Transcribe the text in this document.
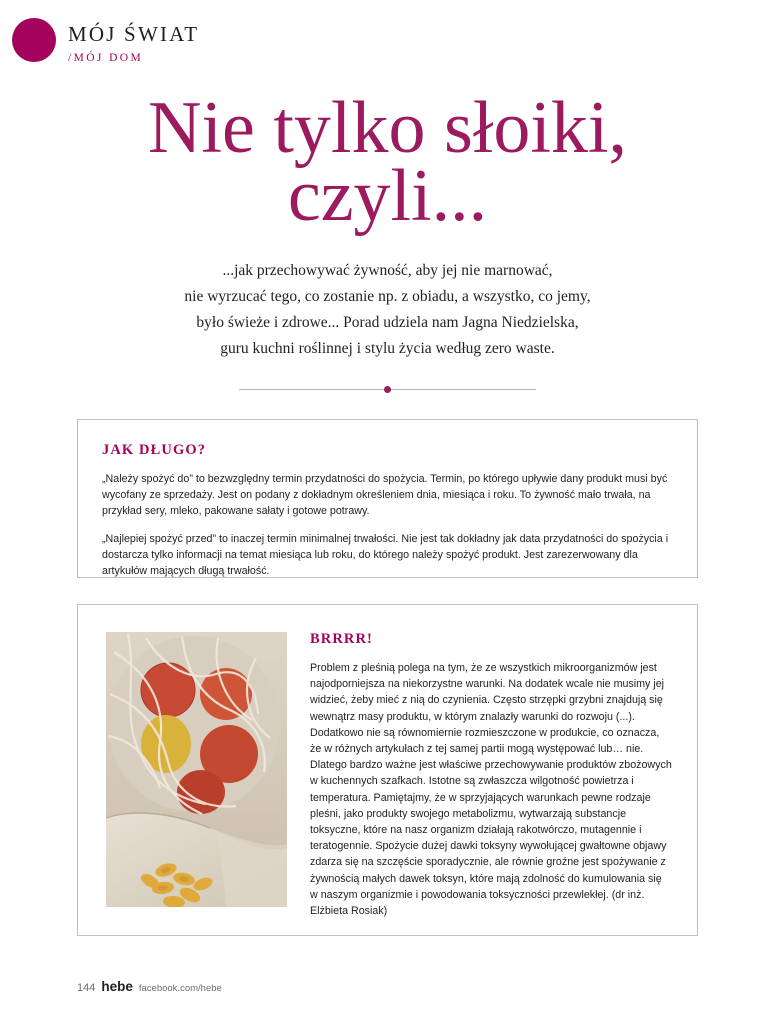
MÓJ ŚWIAT
/MÓJ DOM
Nie tylko słoiki,
czyli...
...jak przechowywać żywność, aby jej nie marnować,
nie wyrzucać tego, co zostanie np. z obiadu, a wszystko, co jemy,
było świeże i zdrowe... Porad udziela nam Jagna Niedzielska,
guru kuchni roślinnej i stylu życia według zero waste.
JAK DŁUGO?

„Należy spożyć do” to bezwzględny termin przydatności do spożycia. Termin, po którego upływie dany produkt musi być wycofany ze sprzedaży. Jest on podany z dokładnym określeniem dnia, miesiąca i roku. To żywność mało trwała, na przykład sery, mleko, pakowane sałaty i gotowe potrawy.

„Najlepiej spożyć przed” to inaczej termin minimalnej trwałości. Nie jest tak dokładny jak data przydatności do spożycia i dostarcza tylko informacji na temat miesiąca lub roku, do którego należy spożyć produkt. Jest zarezerwowany dla artykułów mających długą trwałość.

BRRRR!

Problem z pleśnią polega na tym, że ze wszystkich mikroorganizmów jest najodporniejsza na niekorzystne warunki. Na dodatek wcale nie musimy jej widzieć, żeby mieć z nią do czynienia. Często strzępki grzybni znajdują się wewnątrz masy produktu, w którym znalazły warunki do rozwoju (...). Dodatkowo nie są równomiernie rozmieszczone w produkcie, co oznacza, że w różnych artykułach z tej samej partii mogą występować lub… nie. Dlatego bardzo ważne jest właściwe przechowywanie produktów zbożowych w kuchennych szafkach. Istotne są zwłaszcza wilgotność powietrza i temperatura. Pamiętajmy, że w sprzyjających warunkach pewne rodzaje pleśni, jako produkty swojego metabolizmu, wytwarzają substancje toksyczne, które na nasz organizm działają rakotwórczo, mutagennie i teratogennie. Spożycie dużej dawki toksyny wywołującej gwałtowne objawy zdarza się na szczęście sporadycznie, ale równie groźne jest spożywanie z żywnością małych dawek toksyn, które mają zdolność do kumulowania się w naszym organizmie i powodowania toksyczności przewlekłej. (dr inż. Elżbieta Rosiak)

144 hebe facebook.com/hebe
